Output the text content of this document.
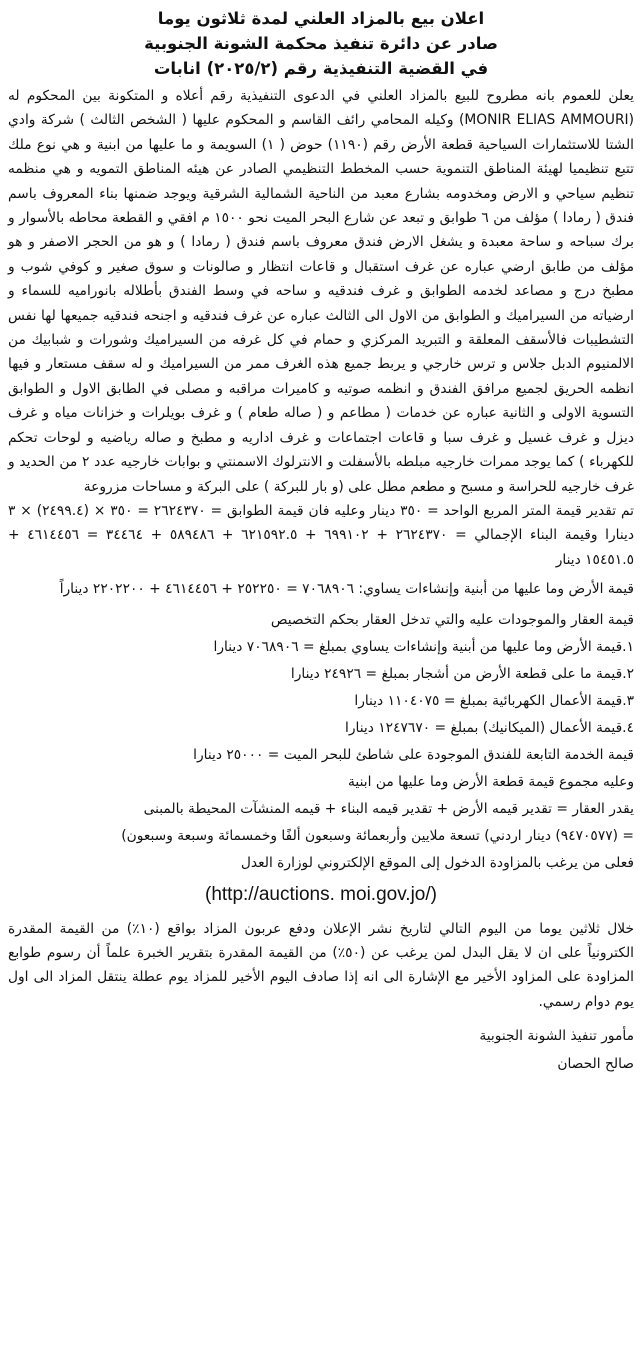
اعلان بيع بالمزاد العلني لمدة ثلاثون يوما
صادر عن دائرة تنفيذ محكمة الشونة الجنوبية
في القضية التنفيذية رقم (٢٠٢٥/٢) انابات

يعلن للعموم بانه مطروح للبيع بالمزاد العلني في الدعوى التنفيذية رقم أعلاه و المتكونة بين المحكوم له (MONIR ELIAS AMMOURI) وكيله المحامي رائف القاسم و المحكوم عليها ( الشخص الثالث ) شركة وادي الشتا للاستثمارات السياحية قطعة الأرض رقم (١١٩٠) حوض ( ١) السويمة و ما عليها من ابنية و هي نوع ملك تتبع تنظيميا لهيئة المناطق التنموية حسب المخطط التنظيمي الصادر عن هيئه المناطق التمويه و هي منظمه تنظيم سياحي و الارض ومخدومه بشارع معبد من الناحية الشمالية الشرقية ويوجد ضمنها بناء المعروف باسم فندق ( رمادا ) مؤلف من ٦ طوابق و تبعد عن شارع البحر الميت نحو ١٥٠٠ م افقي و القطعة محاطه بالأسوار و برك سباحه و ساحة معبدة و يشغل الارض فندق معروف باسم فندق ( رمادا ) و هو من الحجر الاصفر و هو مؤلف من طابق ارضي عباره عن غرف استقبال و قاعات انتظار و صالونات و سوق صغير و كوفي شوب و مطبخ درج و مصاعد لخدمه الطوابق و غرف فندقيه و ساحه في وسط الفندق بأطلاله بانوراميه للسماء و ارضياته من السيراميك و الطوابق من الاول الى الثالث عباره عن غرف فندقيه و اجنحه فندقيه جميعها لها نفس التشطيبات فالأسقف المعلقة و التبريد المركزي و حمام في كل غرفه من السيراميك وشورات و شبابيك من الالمنيوم الدبل جلاس و ترس خارجي و يربط جميع هذه الغرف ممر من السيراميك و له سقف مستعار و فيها انظمه الحريق لجميع مرافق الفندق و انظمه صوتيه و كاميرات مراقبه و مصلى في الطابق الاول و الطوابق التسوية الاولى و الثانية عباره عن خدمات ( مطاعم و ( صاله طعام ) و غرف بويلرات و خزانات مياه و غرف ديزل و غرف غسيل و غرف سبا و قاعات اجتماعات و غرف اداريه و مطبخ و صاله رياضيه و لوحات تحكم للكهرباء ) كما يوجد ممرات خارجيه مبلطه بالأسفلت و الانترلوك الاسمنتي و بوابات خارجيه عدد ٢ من الحديد و غرف خارجيه للحراسة و مسبح و مطعم مطل على (و بار للبركة ) على البركة و مساحات مزروعة

تم تقدير قيمة المتر المربع الواحد = ٣٥٠ دينار وعليه فان قيمة الطوابق = ٢٦٢٤٣٧٠ = ٣٥٠ × (٢٤٩٩.٤) × ٣ دينارا وقيمة البناء الإجمالي = ٢٦٢٤٣٧٠ + ٦٩٩١٠٢ + ٦٢١٥٩٢.٥ + ٥٨٩٤٨٦ + ٣٤٤٦٤ = ٤٦١٤٤٥٦ + ١٥٤٥١.٥ دينار

قيمة الأرض وما عليها من أبنية وإنشاءات يساوي: ٧٠٦٨٩٠٦ = ٢٥٢٢٥٠ + ٤٦١٤٤٥٦ + ٢٢٠٢٢٠٠ ديناراً

قيمة العقار والموجودات عليه والتي تدخل العقار بحكم التخصيص

١.قيمة الأرض وما عليها من أبنية وإنشاءات يساوي بمبلغ = ٧٠٦٨٩٠٦ دينارا

٢.قيمة ما على قطعة الأرض من أشجار بمبلغ = ٢٤٩٢٦ دينارا

٣.قيمة الأعمال الكهربائية بمبلغ = ١١٠٤٠٧٥ دينارا

٤.قيمة الأعمال (الميكانيك) بمبلغ = ١٢٤٧٦٧٠ دينارا

قيمة الخدمة التابعة للفندق الموجودة على شاطئ للبحر الميت = ٢٥٠٠٠ دينارا

وعليه مجموع قيمة قطعة الأرض وما عليها من ابنية

يقدر العقار = تقدير قيمه الأرض + تقدير قيمه البناء + قيمه المنشآت المحيطة بالمبنى

= (٩٤٧٠٥٧٧) دينار اردني) تسعة ملايين وأربعمائة وسبعون ألفًا وخمسمائة وسبعة وسبعون)

فعلى من يرغب بالمزاودة الدخول إلى الموقع الإلكتروني لوزارة العدل

(http://auctions. moi.gov.jo/)

خلال ثلاثين يوما من اليوم التالي لتاريخ نشر الإعلان ودفع عربون المزاد بواقع (١٠٪) من القيمة المقدرة الكترونياً على ان لا يقل البدل لمن يرغب عن (٥٠٪) من القيمة المقدرة بتقرير الخبرة علماً أن رسوم طوابع المزاودة على المزاود الأخير مع الإشارة الى انه إذا صادف اليوم الأخير للمزاد يوم عطلة ينتقل المزاد الى اول يوم دوام رسمي.

مأمور تنفيذ الشونة الجنوبية
صالح الحصان
